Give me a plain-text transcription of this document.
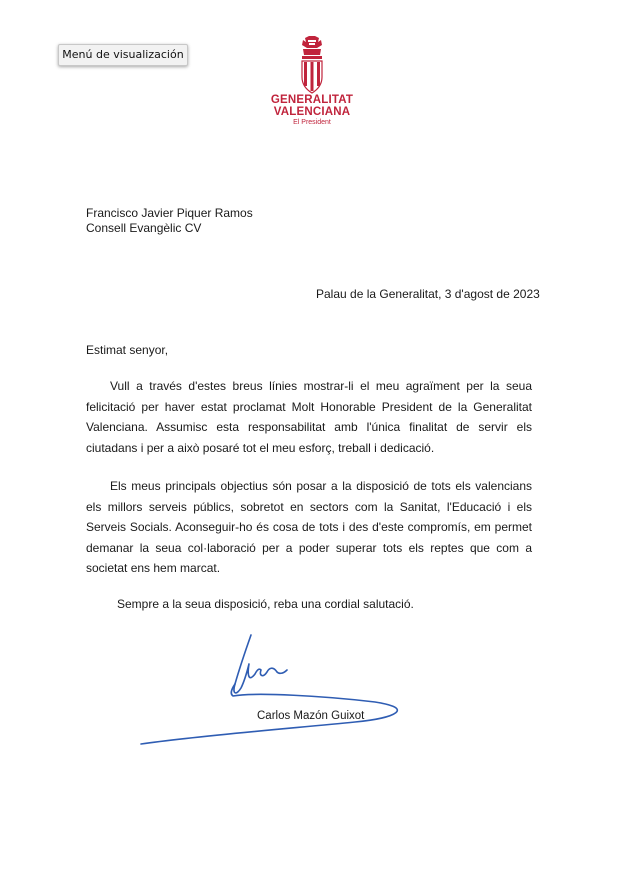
Menú de visualización
GENERALITAT
VALENCIANA
El President
Francisco Javier Piquer Ramos
Consell Evangèlic CV
Palau de la Generalitat, 3 d'agost de 2023
Estimat senyor,

Vull a través d'estes breus línies mostrar-li el meu agraïment per la seua felicitació per haver estat proclamat Molt Honorable President de la Generalitat Valenciana. Assumisc esta responsabilitat amb l'única finalitat de servir els ciutadans i per a això posaré tot el meu esforç, treball i dedicació.

Els meus principals objectius són posar a la disposició de tots els valencians els millors serveis públics, sobretot en sectors com la Sanitat, l'Educació i els Serveis Socials. Aconseguir-ho és cosa de tots i des d'este compromís, em permet demanar la seua col·laboració per a poder superar tots els reptes que com a societat ens hem marcat.

Sempre a la seua disposició, reba una cordial salutació.
Carlos Mazón Guixot
